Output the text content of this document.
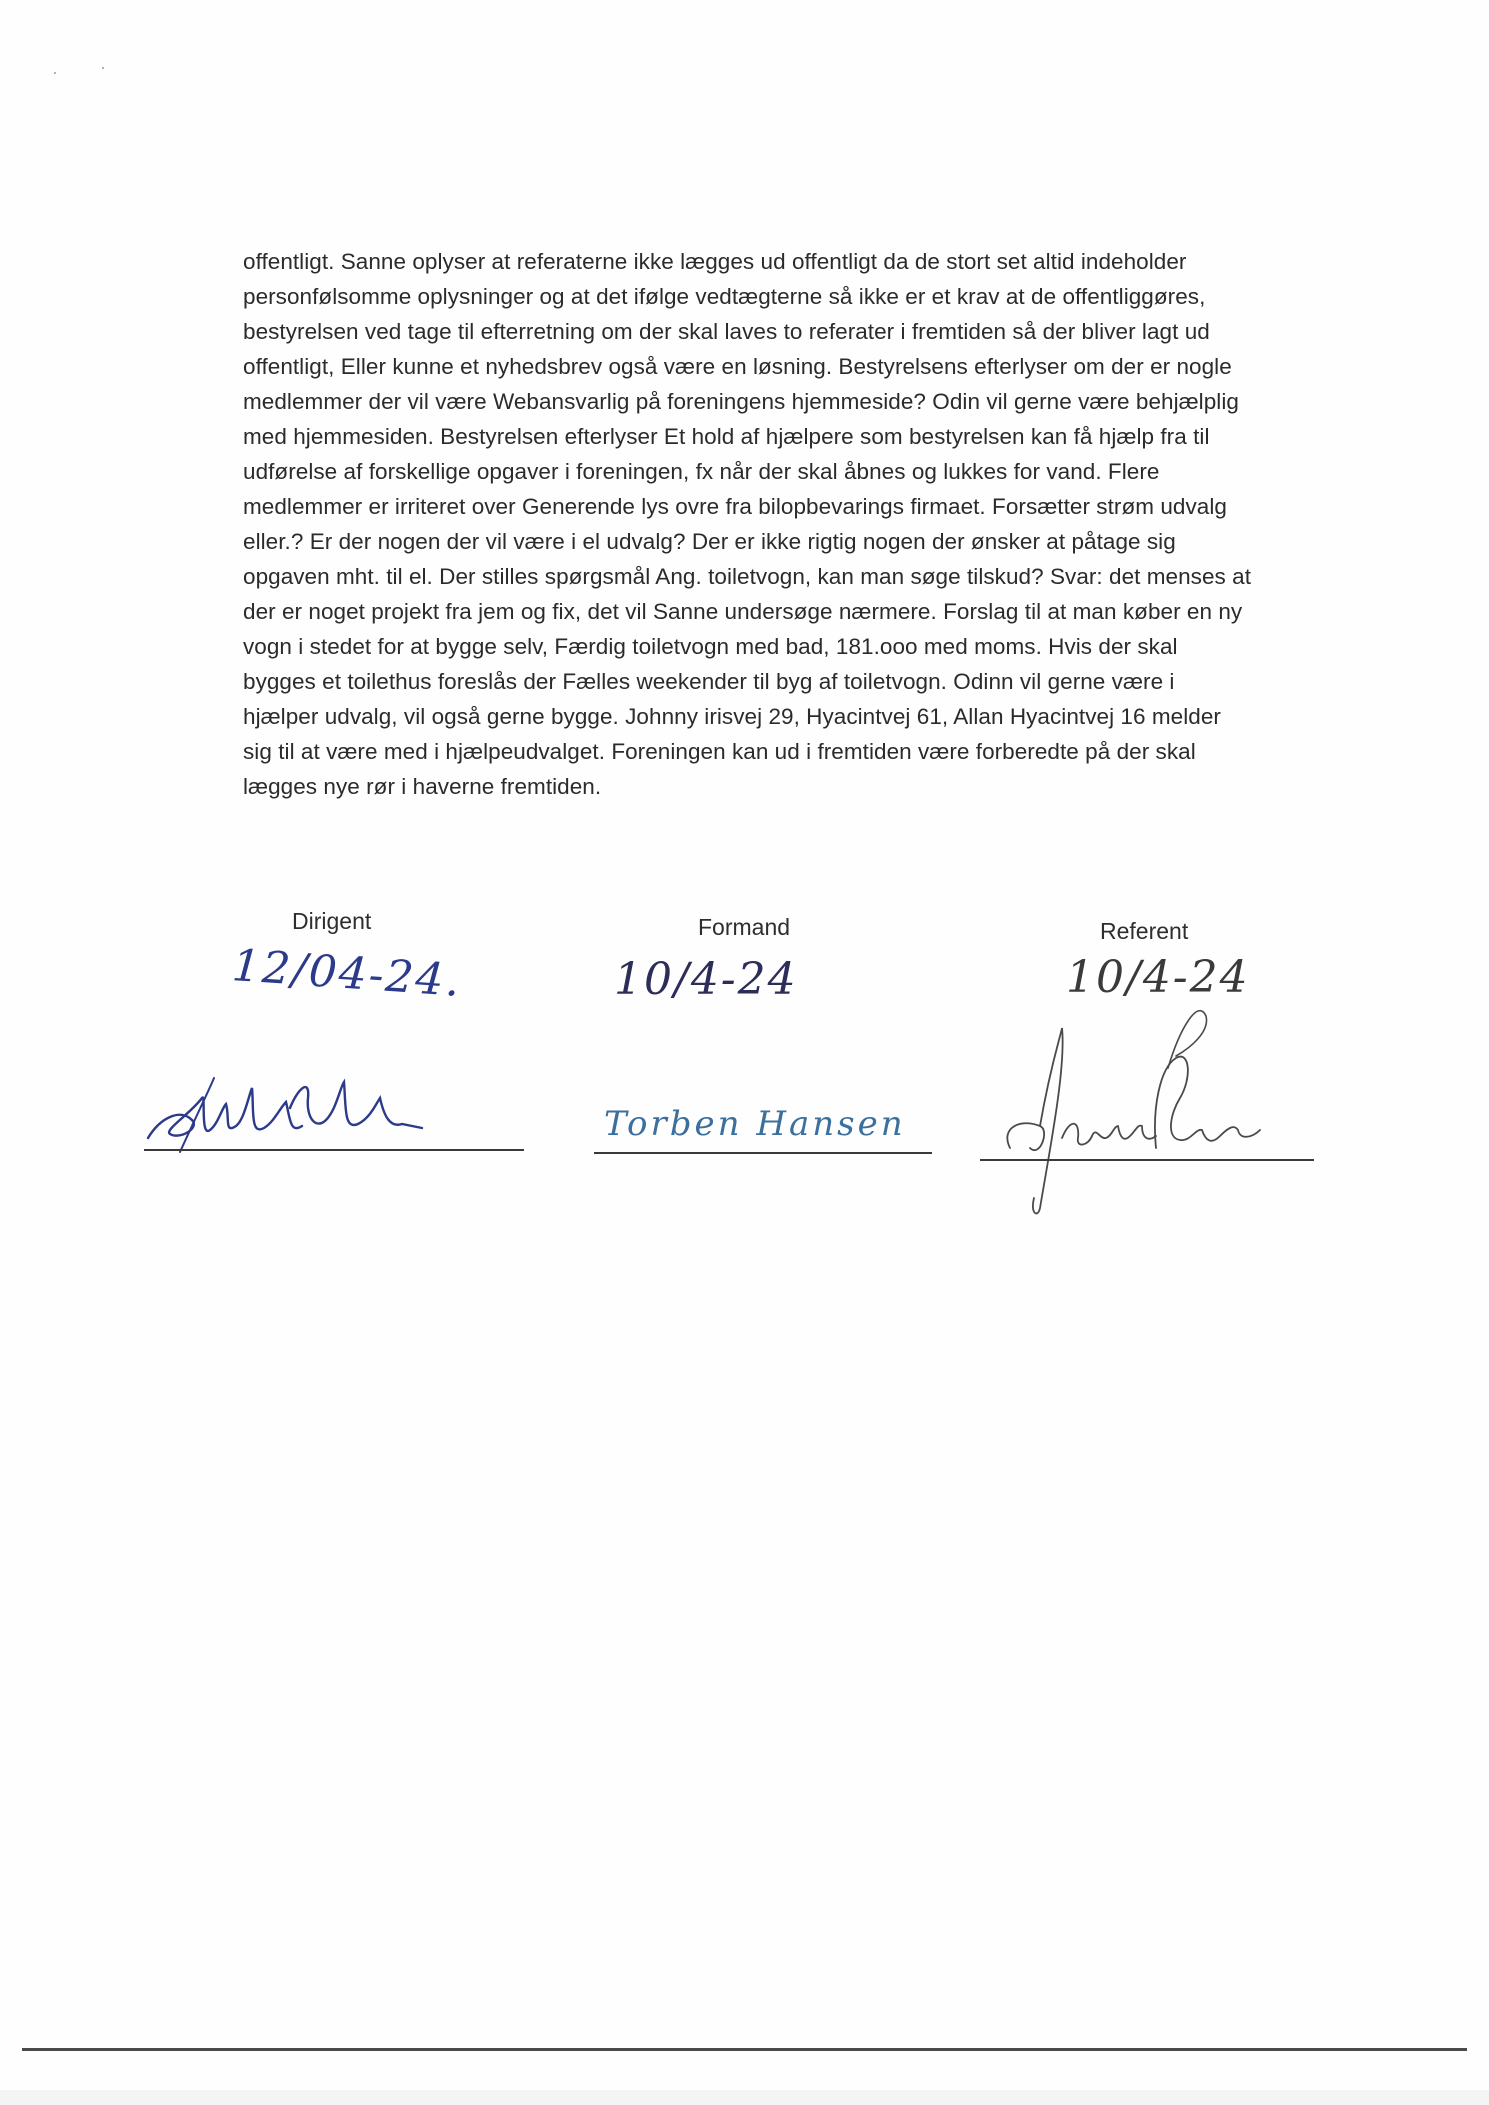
offentligt. Sanne oplyser at referaterne ikke lægges ud offentligt da de stort set altid indeholder
personfølsomme oplysninger og at det ifølge vedtægterne så ikke er et krav at de offentliggøres,
bestyrelsen ved tage til efterretning om der skal laves to referater i fremtiden så der bliver lagt ud
offentligt, Eller kunne et nyhedsbrev også være en løsning. Bestyrelsens efterlyser om der er nogle
medlemmer der vil være Webansvarlig på foreningens hjemmeside? Odin vil gerne være behjælplig
med hjemmesiden. Bestyrelsen efterlyser Et hold af hjælpere som bestyrelsen kan få hjælp fra til
udførelse af forskellige opgaver i foreningen, fx når der skal åbnes og lukkes for vand. Flere
medlemmer er irriteret over Generende lys ovre fra bilopbevarings firmaet. Forsætter strøm udvalg
eller.? Er der nogen der vil være i el udvalg? Der er ikke rigtig nogen der ønsker at påtage sig
opgaven mht. til el. Der stilles spørgsmål Ang. toiletvogn, kan man søge tilskud? Svar: det menses at
der er noget projekt fra jem og fix, det vil Sanne undersøge nærmere. Forslag til at man køber en ny
vogn i stedet for at bygge selv, Færdig toiletvogn med bad, 181.ooo med moms. Hvis der skal
bygges et toilethus foreslås der Fælles weekender til byg af toiletvogn. Odinn vil gerne være i
hjælper udvalg, vil også gerne bygge. Johnny irisvej 29, Hyacintvej 61, Allan Hyacintvej 16 melder
sig til at være med i hjælpeudvalget. Foreningen kan ud i fremtiden være forberedte på der skal
lægges nye rør i haverne fremtiden.
Dirigent
12/04-24.
Formand
10/4-24
Torben Hansen
Referent
10/4-24
